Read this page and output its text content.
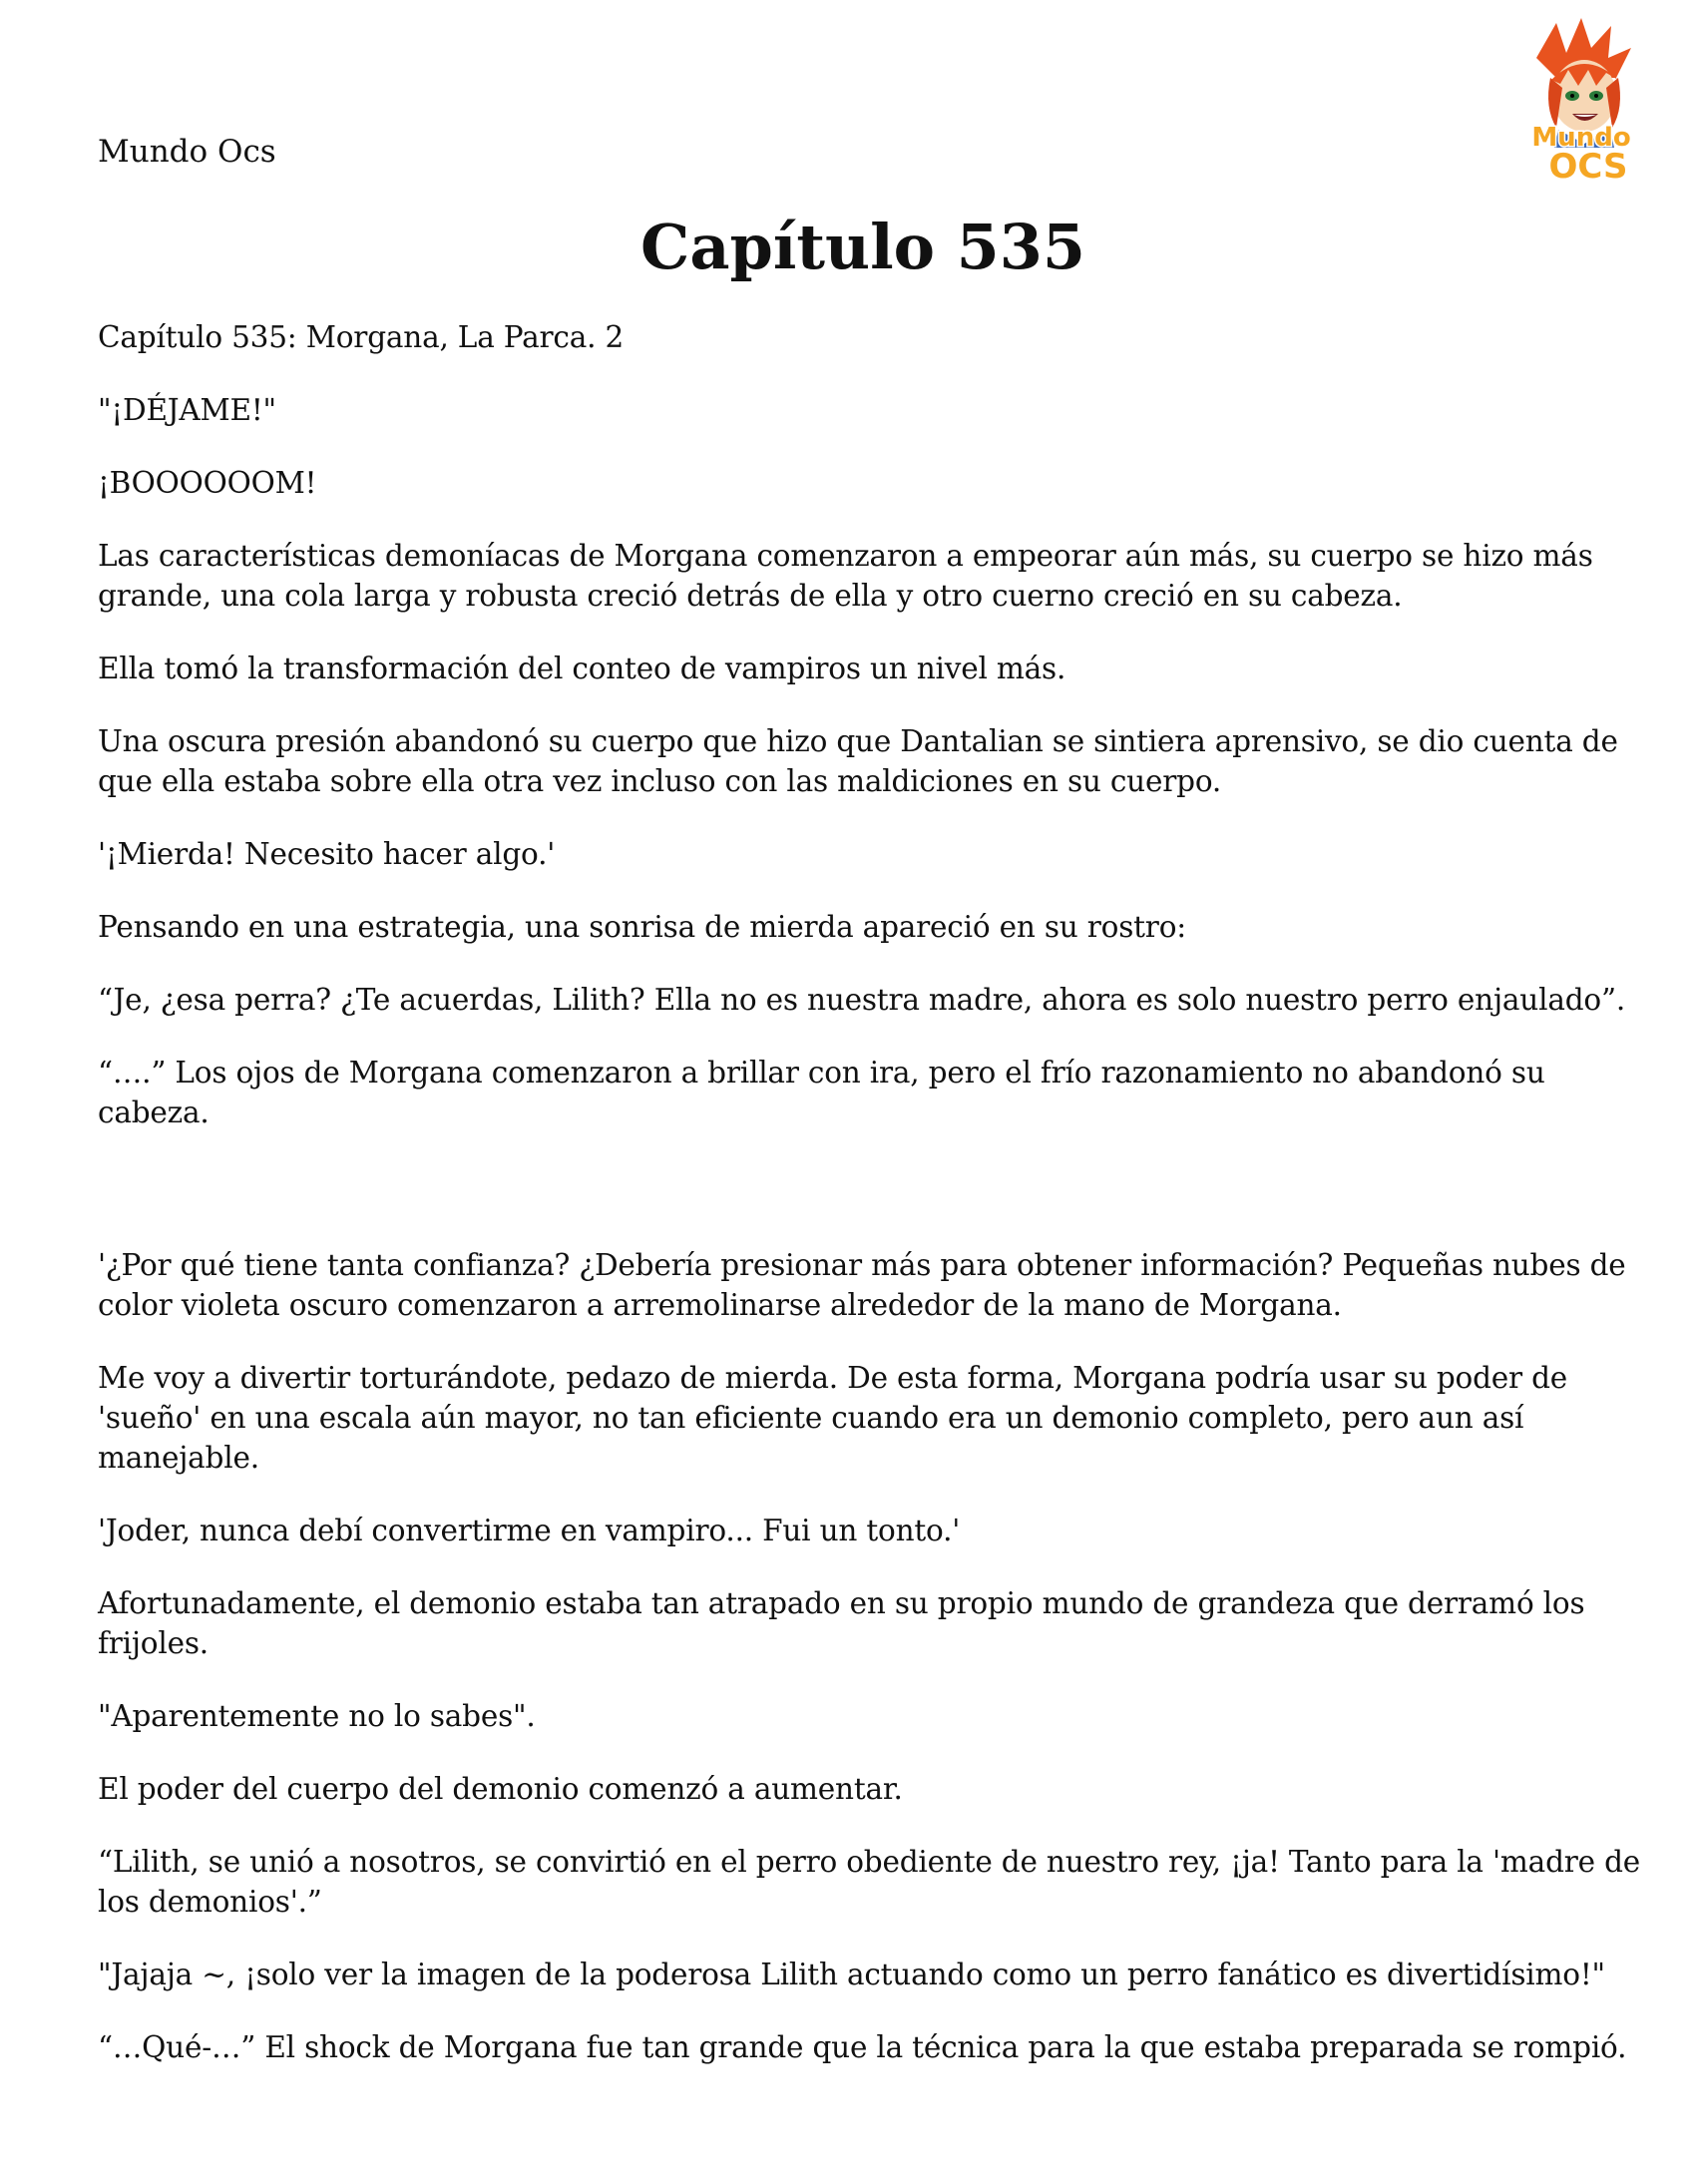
Mundo Ocs	Mundo
OCS
Capítulo 535

Capítulo 535: Morgana, La Parca. 2

"¡DÉJAME!"

¡BOOOOOOM!

Las características demoníacas de Morgana comenzaron a empeorar aún más, su cuerpo se hizo más grande, una cola larga y robusta creció detrás de ella y otro cuerno creció en su cabeza.

Ella tomó la transformación del conteo de vampiros un nivel más.

Una oscura presión abandonó su cuerpo que hizo que Dantalian se sintiera aprensivo, se dio cuenta de que ella estaba sobre ella otra vez incluso con las maldiciones en su cuerpo.

'¡Mierda! Necesito hacer algo.'

Pensando en una estrategia, una sonrisa de mierda apareció en su rostro:

“Je, ¿esa perra? ¿Te acuerdas, Lilith? Ella no es nuestra madre, ahora es solo nuestro perro enjaulado”.

“….” Los ojos de Morgana comenzaron a brillar con ira, pero el frío razonamiento no abandonó su cabeza.

'¿Por qué tiene tanta confianza? ¿Debería presionar más para obtener información? Pequeñas nubes de color violeta oscuro comenzaron a arremolinarse alrededor de la mano de Morgana.

Me voy a divertir torturándote, pedazo de mierda. De esta forma, Morgana podría usar su poder de 'sueño' en una escala aún mayor, no tan eficiente cuando era un demonio completo, pero aun así manejable.

'Joder, nunca debí convertirme en vampiro... Fui un tonto.'

Afortunadamente, el demonio estaba tan atrapado en su propio mundo de grandeza que derramó los frijoles.

"Aparentemente no lo sabes".

El poder del cuerpo del demonio comenzó a aumentar.

“Lilith, se unió a nosotros, se convirtió en el perro obediente de nuestro rey, ¡ja! Tanto para la 'madre de los demonios'.”

"Jajaja ~, ¡solo ver la imagen de la poderosa Lilith actuando como un perro fanático es divertidísimo!"

“…Qué-…” El shock de Morgana fue tan grande que la técnica para la que estaba preparada se rompió.
